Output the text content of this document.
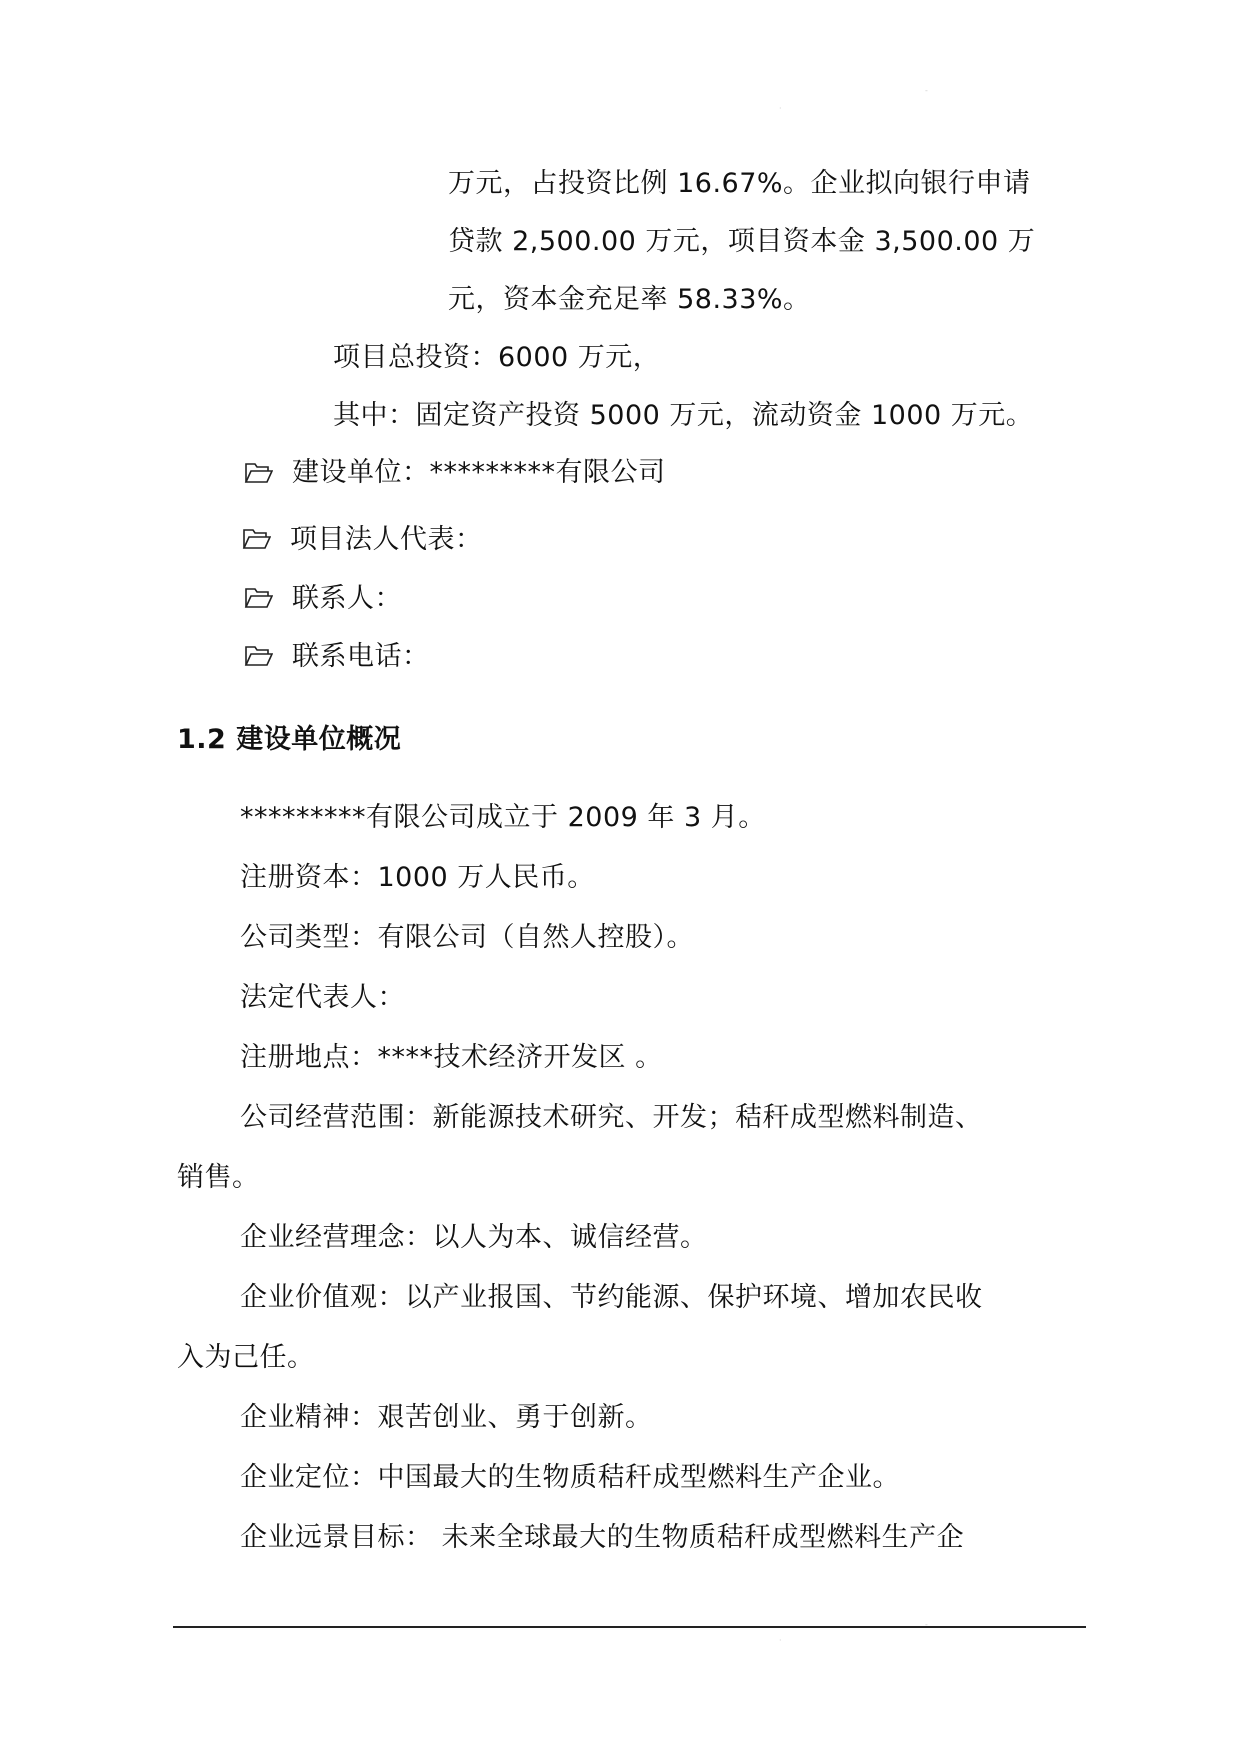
·
‐
万元，占投资比例 16.67%。企业拟向银行申请
贷款 2,500.00 万元，项目资本金 3,500.00 万
元，资本金充足率 58.33%。
项目总投资：6000 万元，
其中：固定资产投资 5000 万元，流动资金 1000 万元。
建设单位：*********有限公司
项目法人代表：
联系人：
联系电话：
1.2 建设单位概况
*********有限公司成立于 2009 年 3 月。
注册资本：1000 万人民币。
公司类型：有限公司（自然人控股）。
法定代表人：
注册地点：****技术经济开发区 。
公司经营范围：新能源技术研究、开发；秸秆成型燃料制造、
销售。
企业经营理念：以人为本、诚信经营。
企业价值观：以产业报国、节约能源、保护环境、增加农民收
入为己任。
企业精神：艰苦创业、勇于创新。
企业定位：中国最大的生物质秸秆成型燃料生产企业。
企业远景目标： 未来全球最大的生物质秸秆成型燃料生产企
·
‐
